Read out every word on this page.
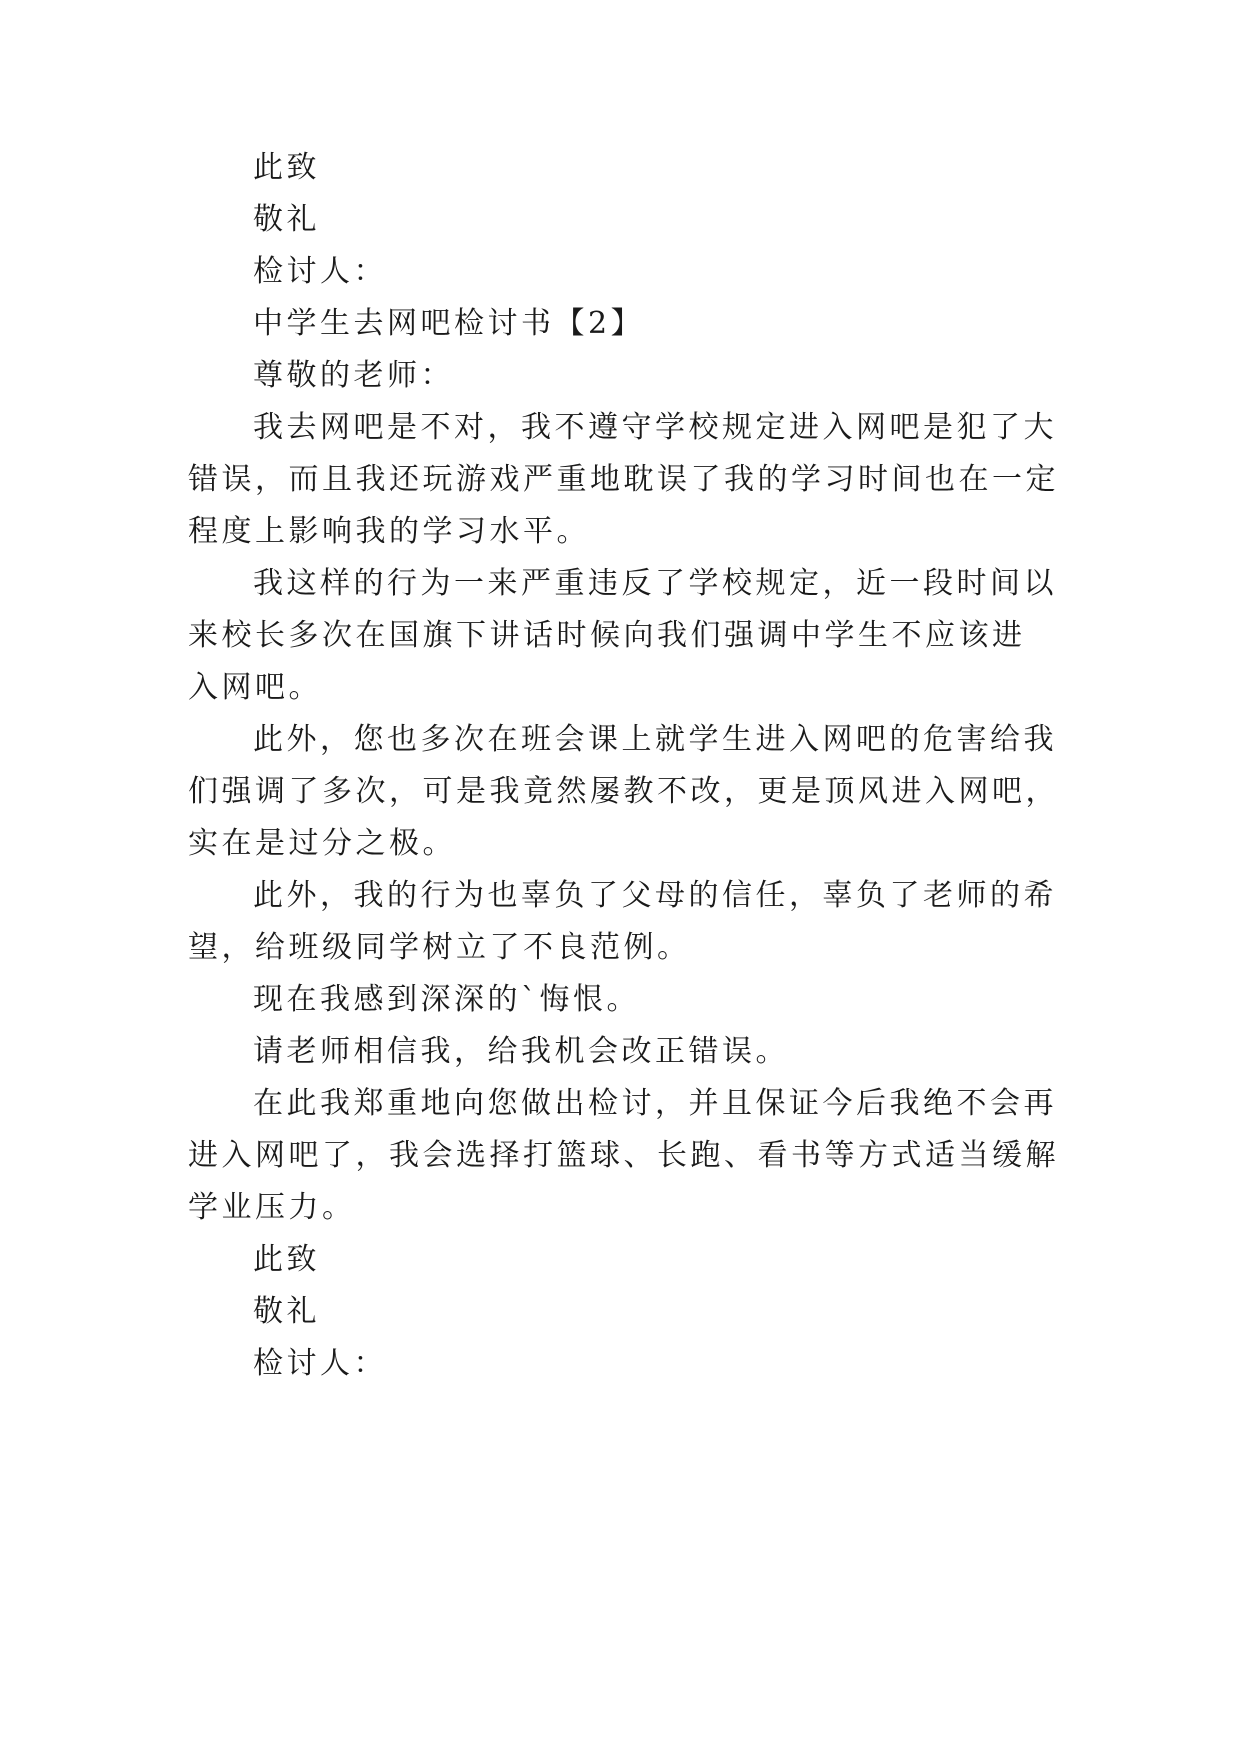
此致
敬礼
检讨人：
中学生去网吧检讨书【2】
尊敬的老师：
我去网吧是不对，我不遵守学校规定进入网吧是犯了大
错误，而且我还玩游戏严重地耽误了我的学习时间也在一定
程度上影响我的学习水平。
我这样的行为一来严重违反了学校规定，近一段时间以
来校长多次在国旗下讲话时候向我们强调中学生不应该进
入网吧。
此外，您也多次在班会课上就学生进入网吧的危害给我
们强调了多次，可是我竟然屡教不改，更是顶风进入网吧，
实在是过分之极。
此外，我的行为也辜负了父母的信任，辜负了老师的希
望，给班级同学树立了不良范例。
现在我感到深深的`悔恨。
请老师相信我，给我机会改正错误。
在此我郑重地向您做出检讨，并且保证今后我绝不会再
进入网吧了，我会选择打篮球、长跑、看书等方式适当缓解
学业压力。
此致
敬礼
检讨人：
